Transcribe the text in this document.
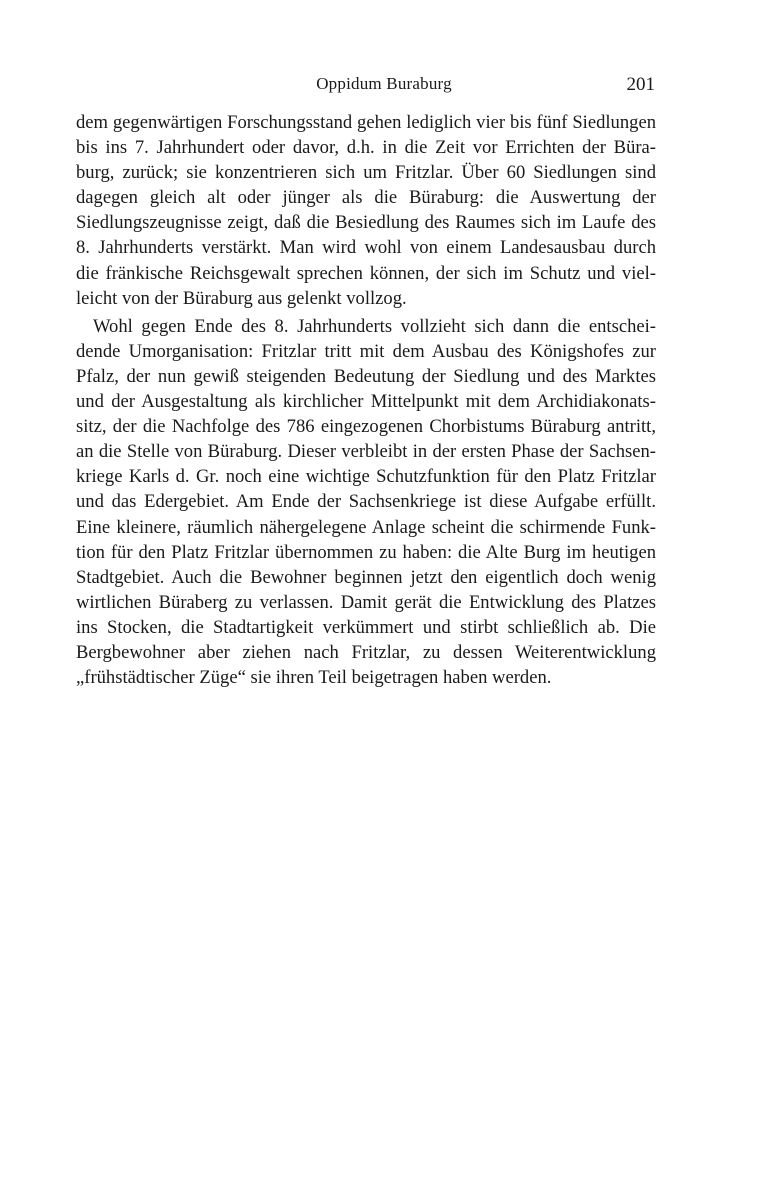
Oppidum Buraburg	201
dem gegenwärtigen Forschungsstand gehen lediglich vier bis fünf Siedlungen
bis ins 7. Jahrhundert oder davor, d.h. in die Zeit vor Errichten der Büra-
burg, zurück; sie konzentrieren sich um Fritzlar. Über 60 Siedlungen sind
dagegen gleich alt oder jünger als die Büraburg: die Auswertung der
Siedlungszeugnisse zeigt, daß die Besiedlung des Raumes sich im Laufe des
8. Jahrhunderts verstärkt. Man wird wohl von einem Landesausbau durch
die fränkische Reichsgewalt sprechen können, der sich im Schutz und viel-
leicht von der Büraburg aus gelenkt vollzog.
Wohl gegen Ende des 8. Jahrhunderts vollzieht sich dann die entschei-
dende Umorganisation: Fritzlar tritt mit dem Ausbau des Königshofes zur
Pfalz, der nun gewiß steigenden Bedeutung der Siedlung und des Marktes
und der Ausgestaltung als kirchlicher Mittelpunkt mit dem Archidiakonats-
sitz, der die Nachfolge des 786 eingezogenen Chorbistums Büraburg antritt,
an die Stelle von Büraburg. Dieser verbleibt in der ersten Phase der Sachsen-
kriege Karls d. Gr. noch eine wichtige Schutzfunktion für den Platz Fritzlar
und das Edergebiet. Am Ende der Sachsenkriege ist diese Aufgabe erfüllt.
Eine kleinere, räumlich nähergelegene Anlage scheint die schirmende Funk-
tion für den Platz Fritzlar übernommen zu haben: die Alte Burg im heutigen
Stadtgebiet. Auch die Bewohner beginnen jetzt den eigentlich doch wenig
wirtlichen Büraberg zu verlassen. Damit gerät die Entwicklung des Platzes
ins Stocken, die Stadtartigkeit verkümmert und stirbt schließlich ab. Die
Bergbewohner aber ziehen nach Fritzlar, zu dessen Weiterentwicklung
„frühstädtischer Züge“ sie ihren Teil beigetragen haben werden.
